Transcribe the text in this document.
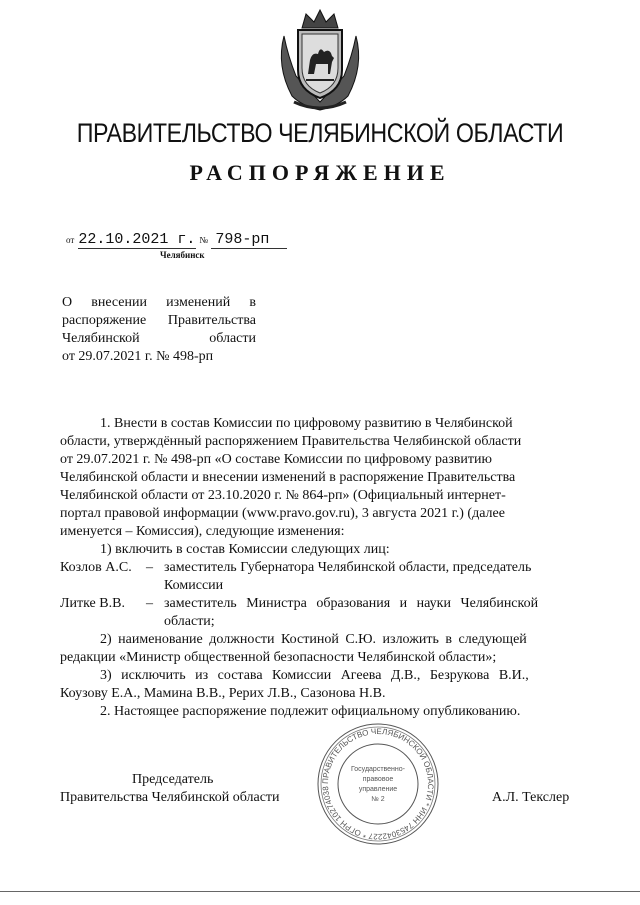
ПРАВИТЕЛЬСТВО ЧЕЛЯБИНСКОЙ ОБЛАСТИ
РАСПОРЯЖЕНИЕ
от 22.10.2021 г. № 798-рп
Челябинск
О внесении изменений в
распоряжение Правительства
Челябинской области
от 29.07.2021 г. № 498-рп
1. Внести в состав Комиссии по цифровому развитию в Челябинской
области, утверждённый распоряжением Правительства Челябинской области
от 29.07.2021 г. № 498-рп «О составе Комиссии по цифровому развитию
Челябинской области и внесении изменений в распоряжение Правительства
Челябинской области от 23.10.2020 г. № 864-рп» (Официальный интернет-
портал правовой информации (www.pravo.gov.ru), 3 августа 2021 г.) (далее
именуется – Комиссия), следующие изменения:
1) включить в состав Комиссии следующих лиц:
Козлов А.С. – заместитель Губернатора Челябинской области, председатель
Комиссии
Литке В.В. – заместитель Министра образования и науки Челябинской
области;
2) наименование должности Костиной С.Ю. изложить в следующей
редакции «Министр общественной безопасности Челябинской области»;
3) исключить из состава Комиссии Агеева Д.В., Безрукова В.И.,
Коузову Е.А., Мамина В.В., Рерих Л.В., Сазонова Н.В.
2. Настоящее распоряжение подлежит официальному опубликованию.
ПРАВИТЕЛЬСТВО ЧЕЛЯБИНСКОЙ ОБЛАСТИ * ИНН 7453042227 * ОГРН 10274038
Государственно-
правовое
управление
№ 2
Председатель
Правительства Челябинской области	А.Л. Текслер
